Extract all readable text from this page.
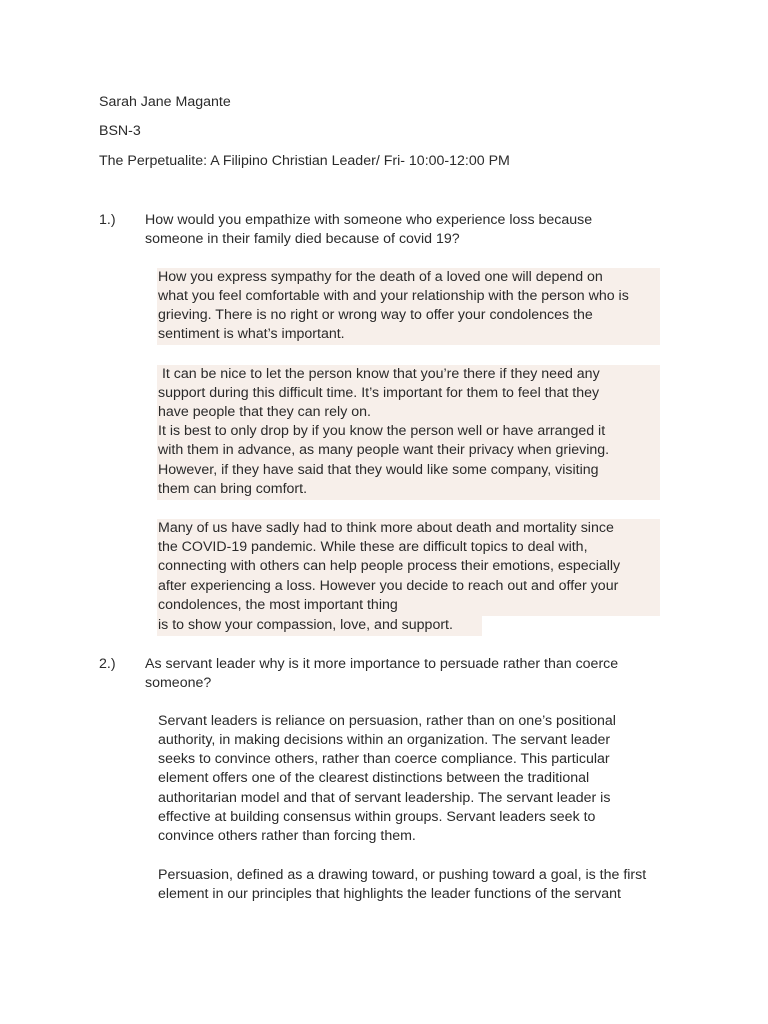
Sarah Jane Magante
BSN-3
The Perpetualite: A Filipino Christian Leader/ Fri- 10:00-12:00 PM
1.) How would you empathize with someone who experience loss because
someone in their family died because of covid 19?
How you express sympathy for the death of a loved one will depend on
what you feel comfortable with and your relationship with the person who is
grieving. There is no right or wrong way to offer your condolences the
sentiment is what’s important.
It can be nice to let the person know that you’re there if they need any
support during this difficult time. It’s important for them to feel that they
have people that they can rely on.
It is best to only drop by if you know the person well or have arranged it
with them in advance, as many people want their privacy when grieving.
However, if they have said that they would like some company, visiting
them can bring comfort.
Many of us have sadly had to think more about death and mortality since
the COVID-19 pandemic. While these are difficult topics to deal with,
connecting with others can help people process their emotions, especially
after experiencing a loss. However you decide to reach out and offer your
condolences, the most important thing
is to show your compassion, love, and support.
2.) As servant leader why is it more importance to persuade rather than coerce
someone?
Servant leaders is reliance on persuasion, rather than on one’s positional
authority, in making decisions within an organization. The servant leader
seeks to convince others, rather than coerce compliance. This particular
element offers one of the clearest distinctions between the traditional
authoritarian model and that of servant leadership. The servant leader is
effective at building consensus within groups. Servant leaders seek to
convince others rather than forcing them.
Persuasion, defined as a drawing toward, or pushing toward a goal, is the first
element in our principles that highlights the leader functions of the servant
